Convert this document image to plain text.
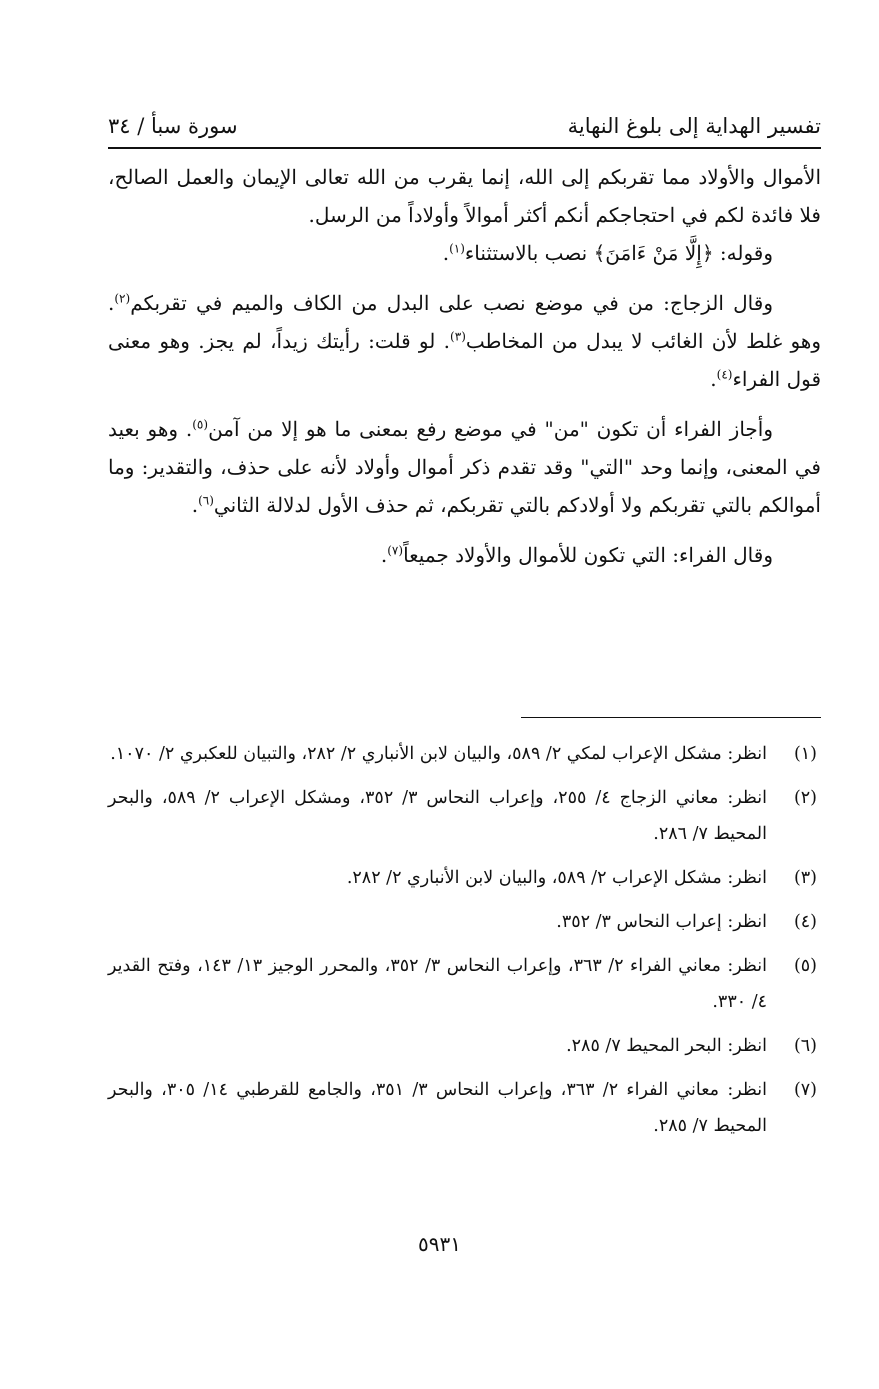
تفسير الهداية إلى بلوغ النهاية
سورة سبأ / ٣٤

الأموال والأولاد مما تقربكم إلى الله، إنما يقرب من الله تعالى الإيمان والعمل الصالح، فلا فائدة لكم في احتجاجكم أنكم أكثر أموالاً وأولاداً من الرسل.

وقوله: ﴿إِلَّا مَنْ ءَامَنَ﴾ نصب بالاستثناء$^{(١)}$.

وقال الزجاج: من في موضع نصب على البدل من الكاف والميم في تقربكم$^{(٢)}$. وهو غلط لأن الغائب لا يبدل من المخاطب$^{(٣)}$. لو قلت: رأيتك زيداً، لم يجز. وهو معنى قول الفراء$^{(٤)}$.

وأجاز الفراء أن تكون "من" في موضع رفع بمعنى ما هو إلا من آمن$^{(٥)}$. وهو بعيد في المعنى، وإنما وحد "التي" وقد تقدم ذكر أموال وأولاد لأنه على حذف، والتقدير: وما أموالكم بالتي تقربكم ولا أولادكم بالتي تقربكم، ثم حذف الأول لدلالة الثاني$^{(٦)}$.

وقال الفراء: التي تكون للأموال والأولاد جميعاً$^{(٧)}$.

(١)
انظر: مشكل الإعراب لمكي ٢/ ٥٨٩، والبيان لابن الأنباري ٢/ ٢٨٢، والتبيان للعكبري ٢/ ١٠٧٠.
(٢)
انظر: معاني الزجاج ٤/ ٢٥٥، وإعراب النحاس ٣/ ٣٥٢، ومشكل الإعراب ٢/ ٥٨٩، والبحر المحيط ٧/ ٢٨٦.
(٣)
انظر: مشكل الإعراب ٢/ ٥٨٩، والبيان لابن الأنباري ٢/ ٢٨٢.
(٤)
انظر: إعراب النحاس ٣/ ٣٥٢.
(٥)
انظر: معاني الفراء ٢/ ٣٦٣، وإعراب النحاس ٣/ ٣٥٢، والمحرر الوجيز ١٣/ ١٤٣، وفتح القدير ٤/ ٣٣٠.
(٦)
انظر: البحر المحيط ٧/ ٢٨٥.
(٧)
انظر: معاني الفراء ٢/ ٣٦٣، وإعراب النحاس ٣/ ٣٥١، والجامع للقرطبي ١٤/ ٣٠٥، والبحر المحيط ٧/ ٢٨٥.
٥٩٣١
